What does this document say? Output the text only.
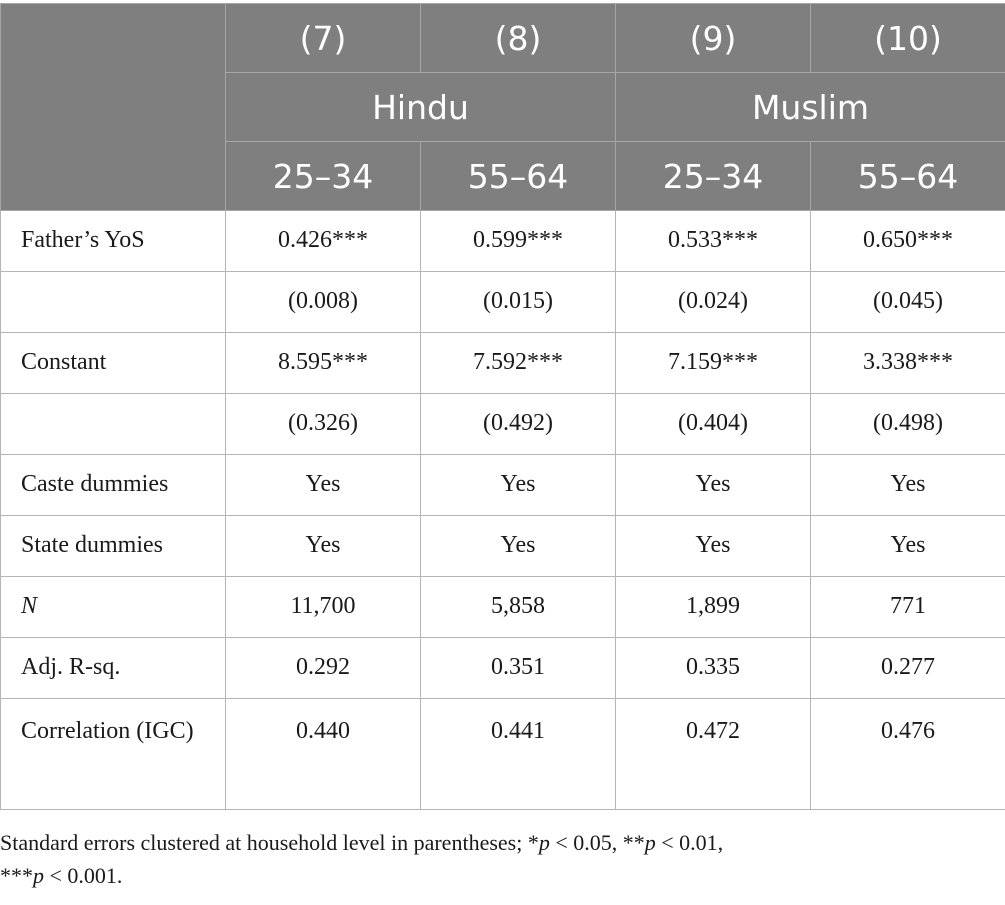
	(7)	(8)	(9)	(10)
	Hindu		Muslim	
	25–34	55–64	25–34	55–64
Father’s YoS	0.426***	0.599***	0.533***	0.650***
	(0.008)	(0.015)	(0.024)	(0.045)
Constant	8.595***	7.592***	7.159***	3.338***
	(0.326)	(0.492)	(0.404)	(0.498)
Caste dummies	Yes	Yes	Yes	Yes
State dummies	Yes	Yes	Yes	Yes
N	11,700	5,858	1,899	771
Adj. R-sq.	0.292	0.351	0.335	0.277
Correlation (IGC)	0.440	0.441	0.472	0.476
Standard errors clustered at household level in parentheses; *p < 0.05, **p < 0.01,
***p < 0.001.
